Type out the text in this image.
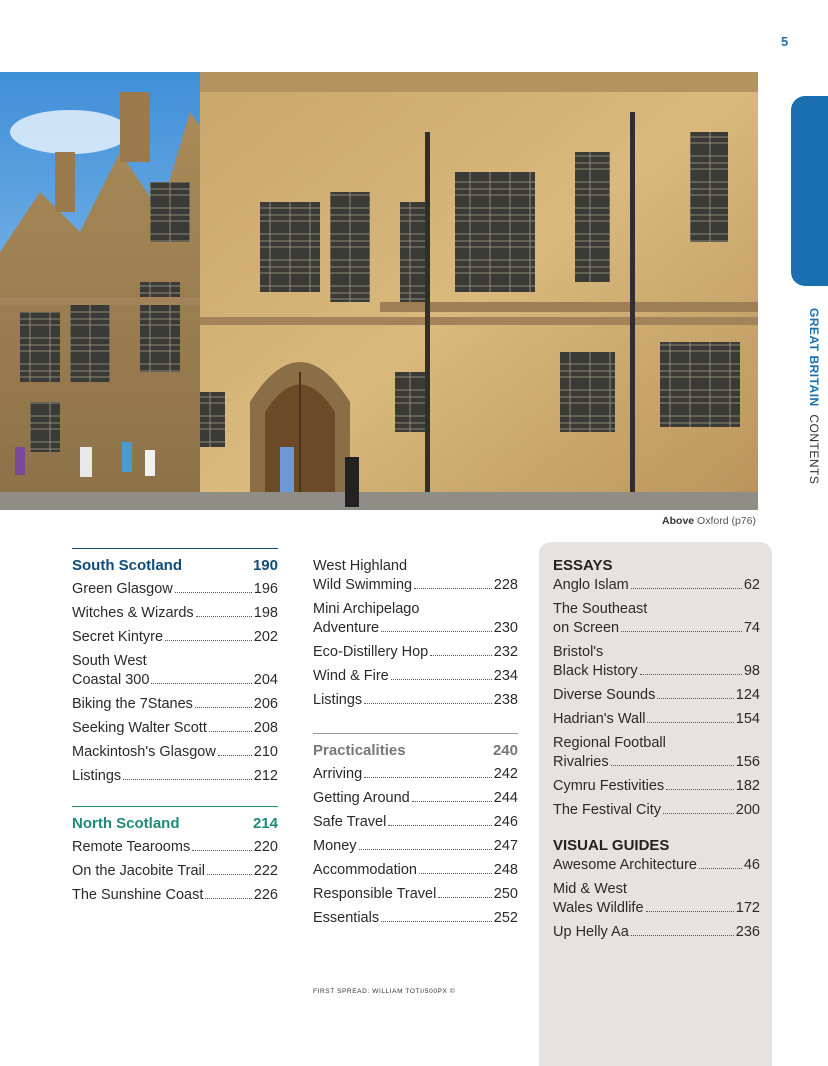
5
Above Oxford (p76)
GREAT BRITAIN  CONTENTS
South Scotland	190
Green Glasgow	196
Witches & Wizards	198
Secret Kintyre	202
South West
Coastal 300	204
Biking the 7Stanes	206
Seeking Walter Scott	208
Mackintosh's Glasgow	210
Listings	212
North Scotland	214
Remote Tearooms	220
On the Jacobite Trail	222
The Sunshine Coast	226
West Highland
Wild Swimming	228
Mini Archipelago
Adventure	230
Eco-Distillery Hop	232
Wind & Fire	234
Listings	238
Practicalities	240
Arriving	242
Getting Around	244
Safe Travel	246
Money	247
Accommodation	248
Responsible Travel	250
Essentials	252
ESSAYS
Anglo Islam	62
The Southeast
on Screen	74
Bristol's
Black History	98
Diverse Sounds	124
Hadrian's Wall	154
Regional Football
Rivalries	156
Cymru Festivities	182
The Festival City	200
VISUAL GUIDES
Awesome Architecture	46
Mid & West
Wales Wildlife	172
Up Helly Aa	236
FIRST SPREAD: WILLIAM TOTI/500PX ©
